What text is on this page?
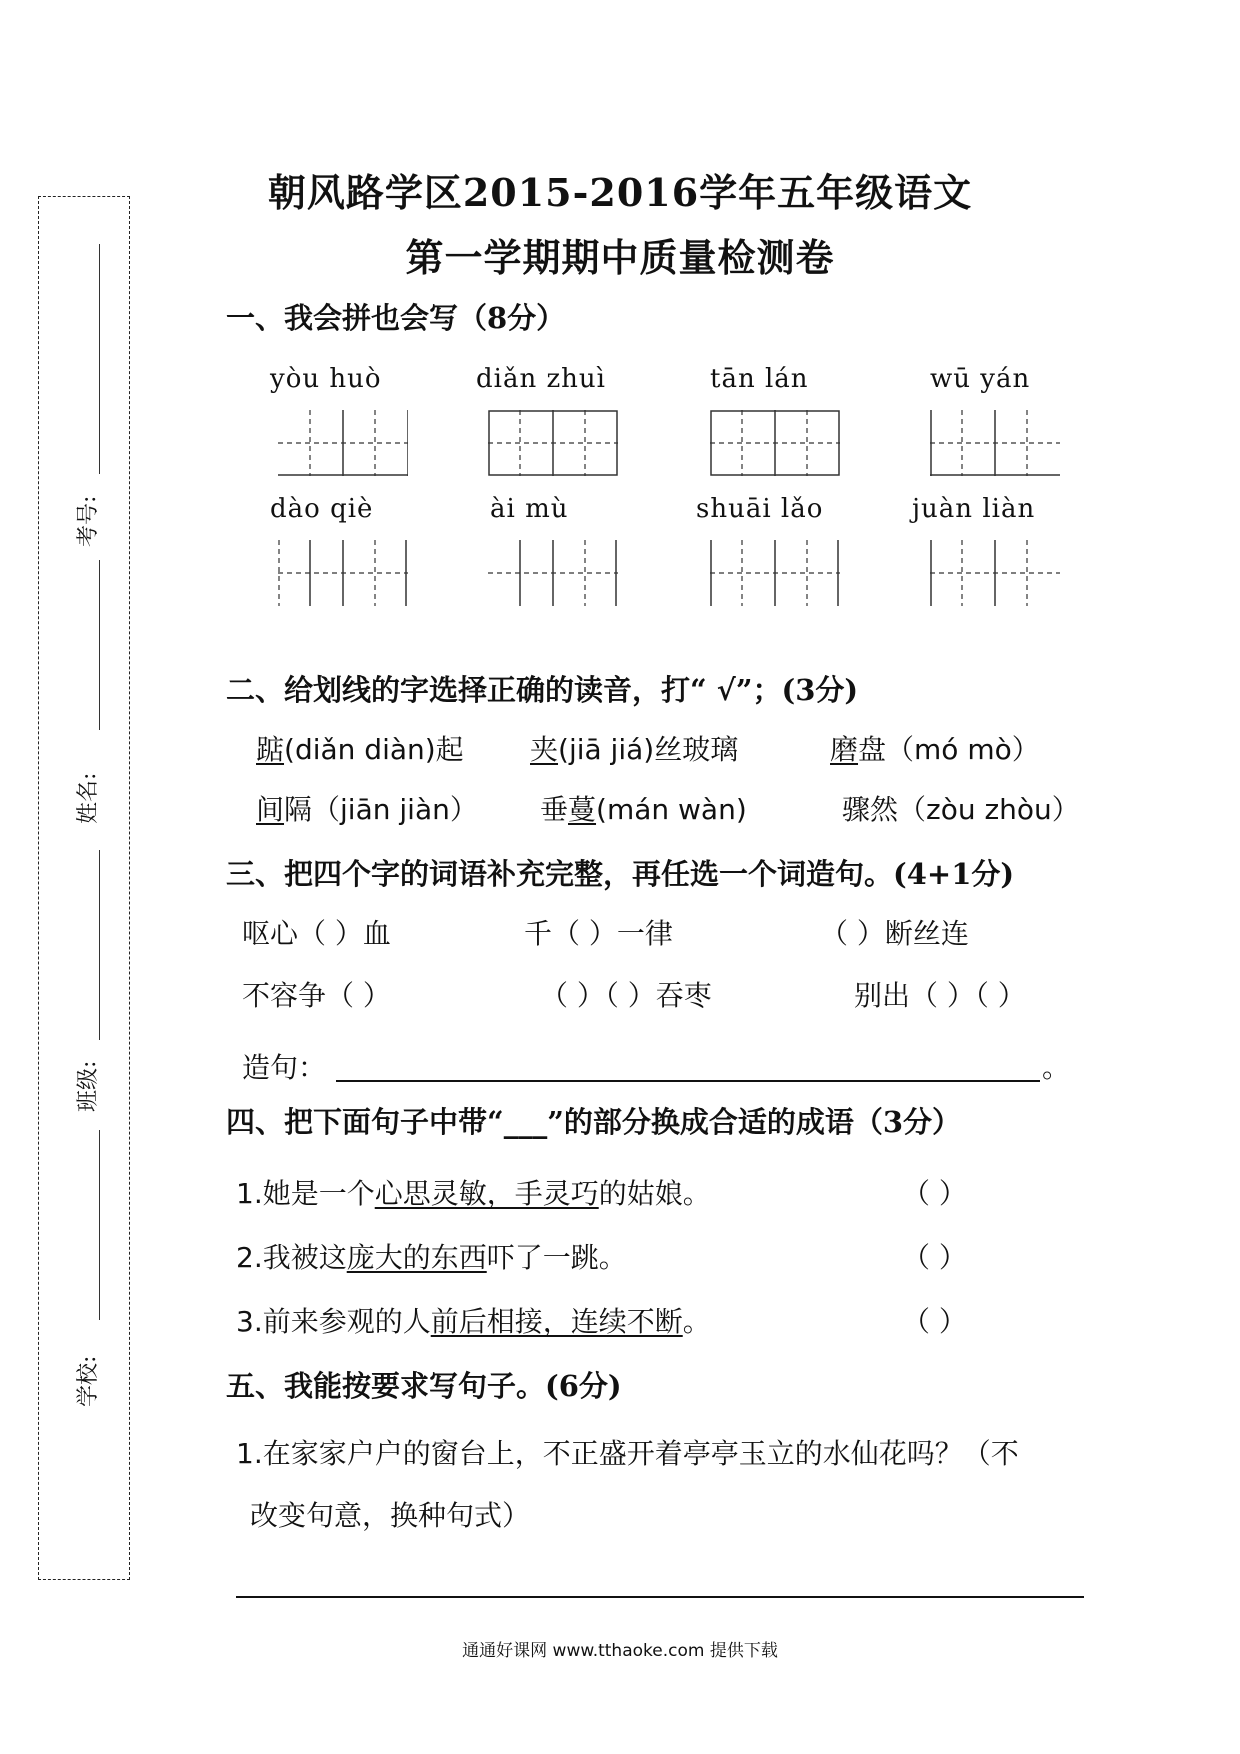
考号:
姓名:
班级:
学校:
朝风路学区2015-2016学年五年级语文
第一学期期中质量检测卷
一、我会拼也会写（8分）
yòu huò	diǎn zhuì	tān lán	wū yán
dào qiè	ài mù	shuāi lǎo	juàn liàn
二、给划线的字选择正确的读音，打“ √”；(3分)
踮(diǎn diàn)起 夹(jiā jiá)丝玻璃	磨盘（mó mò）
间隔（jiān jiàn） 垂蔓(mán wàn)	骤然（zòu zhòu）
三、把四个字的词语补充完整，再任选一个词造句。(4+1分)
呕心（ ）血	千（ ）一律	（ ）断丝连
不容争（ ）	（ ）（ ）吞枣	别出（ ）（ ）
造句：	。
四、把下面句子中带“___”的部分换成合适的成语（3分）
1.她是一个心思灵敏，手灵巧的姑娘。	（ ）
2.我被这庞大的东西吓了一跳。	（ ）
3.前来参观的人前后相接，连续不断。	（ ）
五、我能按要求写句子。(6分)
1.在家家户户的窗台上，不正盛开着亭亭玉立的水仙花吗？（不
改变句意，换种句式）
通通好课网 www.tthaoke.com 提供下载
